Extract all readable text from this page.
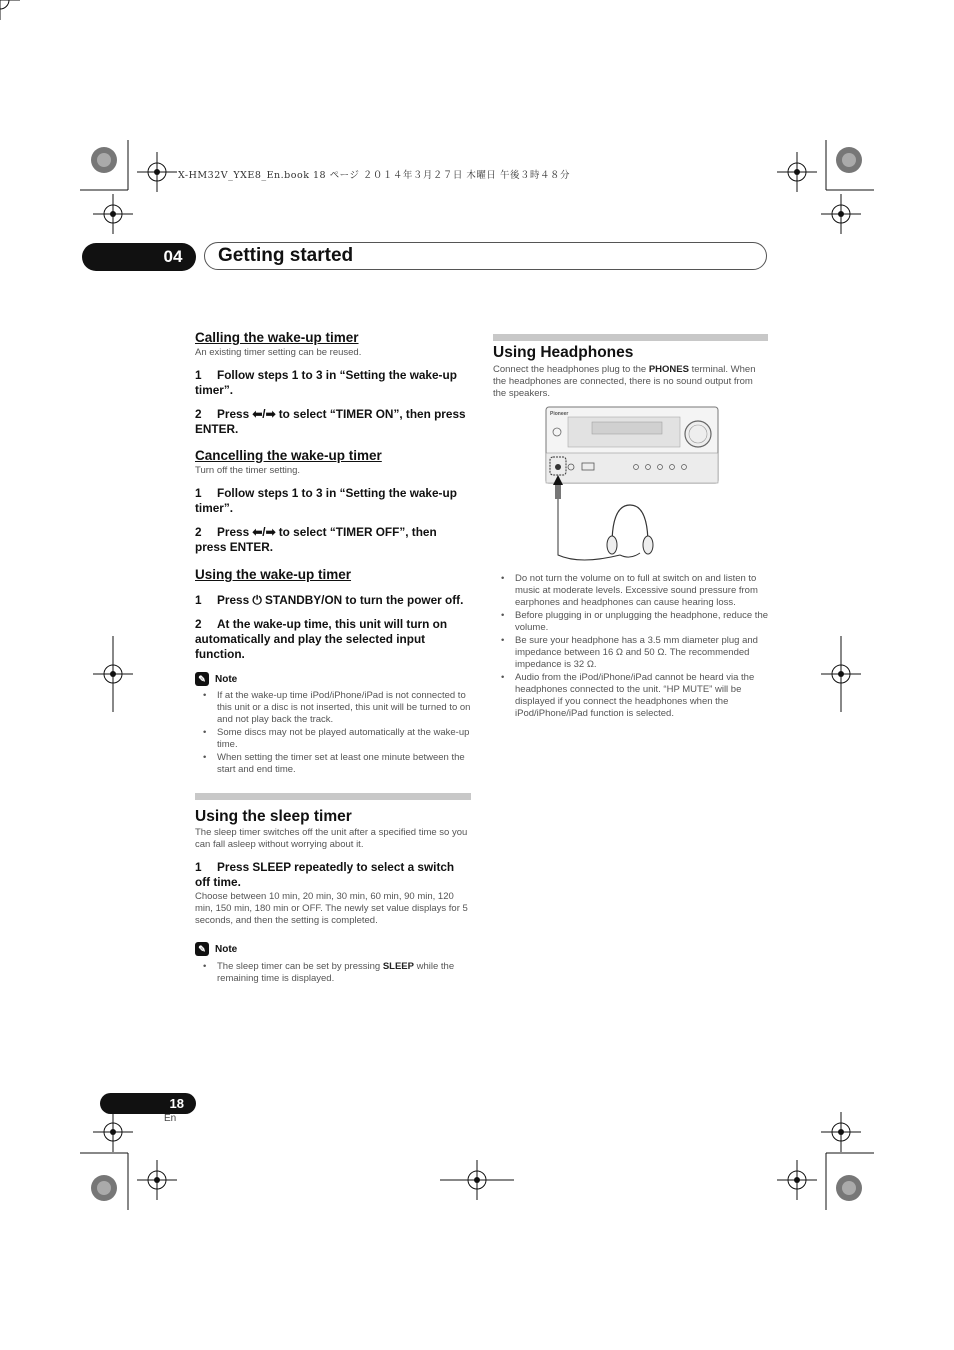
X-HM32V_YXE8_En.book 18 ページ ２０１４年３月２７日 木曜日 午後３時４８分
04	Getting started

Calling the wake-up timer

An existing timer setting can be reused.

1 Follow steps 1 to 3 in “Setting the wake-up timer”.

2 Press ⬅/➡ to select “TIMER ON”, then press ENTER.

Cancelling the wake-up timer

Turn off the timer setting.

1 Follow steps 1 to 3 in “Setting the wake-up timer”.

2 Press ⬅/➡ to select “TIMER OFF”, then press ENTER.

Using the wake-up timer

1 Press ⏻ STANDBY/ON to turn the power off.

2 At the wake-up time, this unit will turn on automatically and play the selected input function.

✎ Note
• If at the wake-up time iPod/iPhone/iPad is not connected to this unit or a disc is not inserted, this unit will be turned to on and not play back the track.
• Some discs may not be played automatically at the wake-up time.
• When setting the timer set at least one minute between the start and end time.

Using the sleep timer

The sleep timer switches off the unit after a specified time so you can fall asleep without worrying about it.

1 Press SLEEP repeatedly to select a switch off time.

Choose between 10 min, 20 min, 30 min, 60 min, 90 min, 120 min, 150 min, 180 min or OFF. The newly set value displays for 5 seconds, and then the setting is completed.

✎ Note
• The sleep timer can be set by pressing SLEEP while the remaining time is displayed.

Using Headphones

Connect the headphones plug to the PHONES terminal. When the headphones are connected, there is no sound output from the speakers.

Pioneer
• Do not turn the volume on to full at switch on and listen to music at moderate levels. Excessive sound pressure from earphones and headphones can cause hearing loss.
• Before plugging in or unplugging the headphone, reduce the volume.
• Be sure your headphone has a 3.5 mm diameter plug and impedance between 16 Ω and 50 Ω. The recommended impedance is 32 Ω.
• Audio from the iPod/iPhone/iPad cannot be heard via the headphones connected to the unit. “HP MUTE” will be displayed if you connect the headphones when the iPod/iPhone/iPad function is selected.
18
En
